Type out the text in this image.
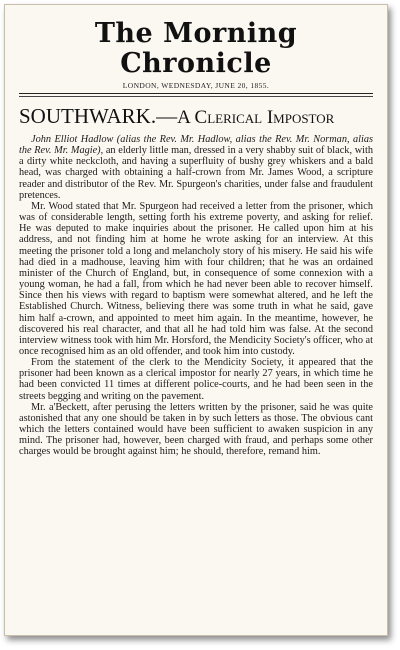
The Morning Chronicle
LONDON, WEDNESDAY, JUNE 20, 1855.
SOUTHWARK.—A Clerical Impostor

John Elliot Hadlow (alias the Rev. Mr. Hadlow, alias the Rev. Mr. Norman, alias the Rev. Mr. Magie), an elderly little man, dressed in a very shabby suit of black, with a dirty white neckcloth, and having a superfluity of bushy grey whiskers and a bald head, was charged with obtaining a half-crown from Mr. James Wood, a scripture reader and distributor of the Rev. Mr. Spurgeon's charities, under false and fraudulent pretences.

Mr. Wood stated that Mr. Spurgeon had received a letter from the prisoner, which was of considerable length, setting forth his extreme poverty, and asking for relief. He was deputed to make inquiries about the prisoner. He called upon him at his address, and not finding him at home he wrote asking for an interview. At this meeting the prisoner told a long and melancholy story of his misery. He said his wife had died in a madhouse, leaving him with four children; that he was an ordained minister of the Church of England, but, in consequence of some connexion with a young woman, he had a fall, from which he had never been able to recover himself. Since then his views with regard to baptism were somewhat altered, and he left the Established Church. Witness, believing there was some truth in what he said, gave him half a-crown, and appointed to meet him again. In the meantime, however, he discovered his real character, and that all he had told him was false. At the second interview witness took with him Mr. Horsford, the Mendicity Society's officer, who at once recognised him as an old offender, and took him into custody.

From the statement of the clerk to the Mendicity Society, it appeared that the prisoner had been known as a clerical impostor for nearly 27 years, in which time he had been convicted 11 times at different police-courts, and he had been seen in the streets begging and writing on the pavement.

Mr. a'Beckett, after perusing the letters written by the prisoner, said he was quite astonished that any one should be taken in by such letters as those. The obvious cant which the letters contained would have been sufficient to awaken suspicion in any mind. The prisoner had, however, been charged with fraud, and perhaps some other charges would be brought against him; he should, therefore, remand him.
